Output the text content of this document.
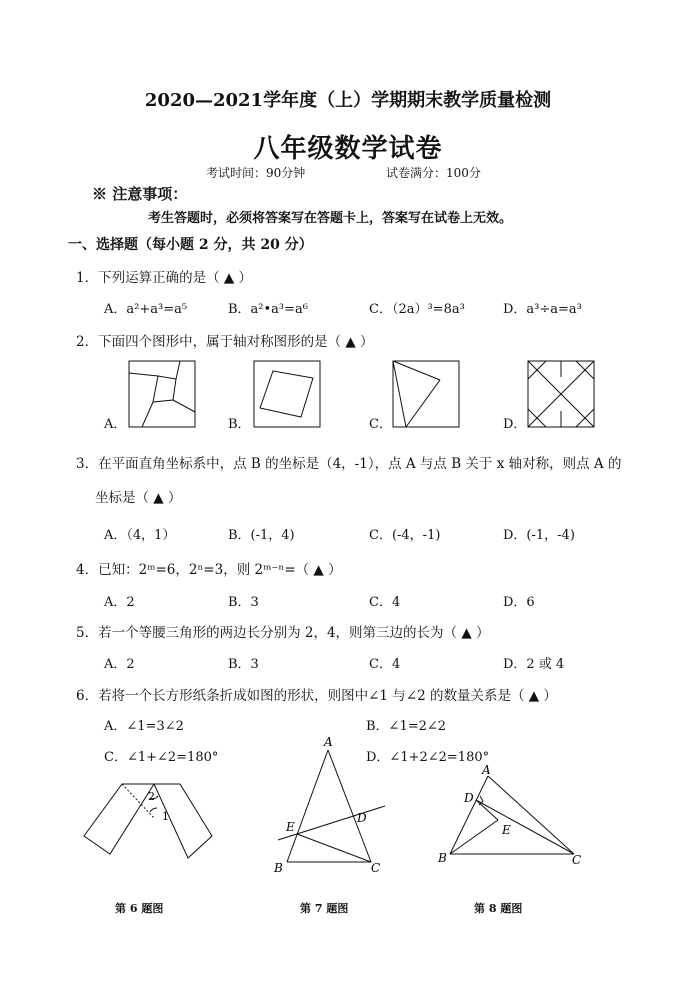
2020—2021学年度（上）学期期末教学质量检测
八年级数学试卷
考试时间：90分钟	试卷满分：100分
※ 注意事项：
考生答题时，必须将答案写在答题卡上，答案写在试卷上无效。
一、选择题（每小题 2 分，共 20 分）
1．下列运算正确的是（ ▲ ）
A．a²+a³=a⁵	B．a²•a³=a⁶	C．（2a）³=8a³	D．a³÷a=a³
2．下面四个图形中，属于轴对称图形的是（ ▲ ）
A．	B．	C．	D．
3．在平面直角坐标系中，点 B 的坐标是（4，-1），点 A 与点 B 关于 x 轴对称，则点 A 的
坐标是（ ▲ ）
A．（4，1）	B．(-1，4)	C．(-4，-1)	D．(-1，-4)
4．已知：2ᵐ=6，2ⁿ=3，则 2ᵐ⁻ⁿ=（ ▲ ）
A．2	B．3	C．4	D．6
5．若一个等腰三角形的两边长分别为 2，4，则第三边的长为（ ▲ ）
A．2	B．3	C．4	D．2 或 4
6．若将一个长方形纸条折成如图的形状，则图中∠1 与∠2 的数量关系是（ ▲ ）
A．∠1=3∠2	B．∠1=2∠2
C．∠1+∠2=180°	D．∠1+2∠2=180°
2
1
第 6 题图
A
E
D
B	C
第 7 题图
A
D
E
B	C
第 8 题图
